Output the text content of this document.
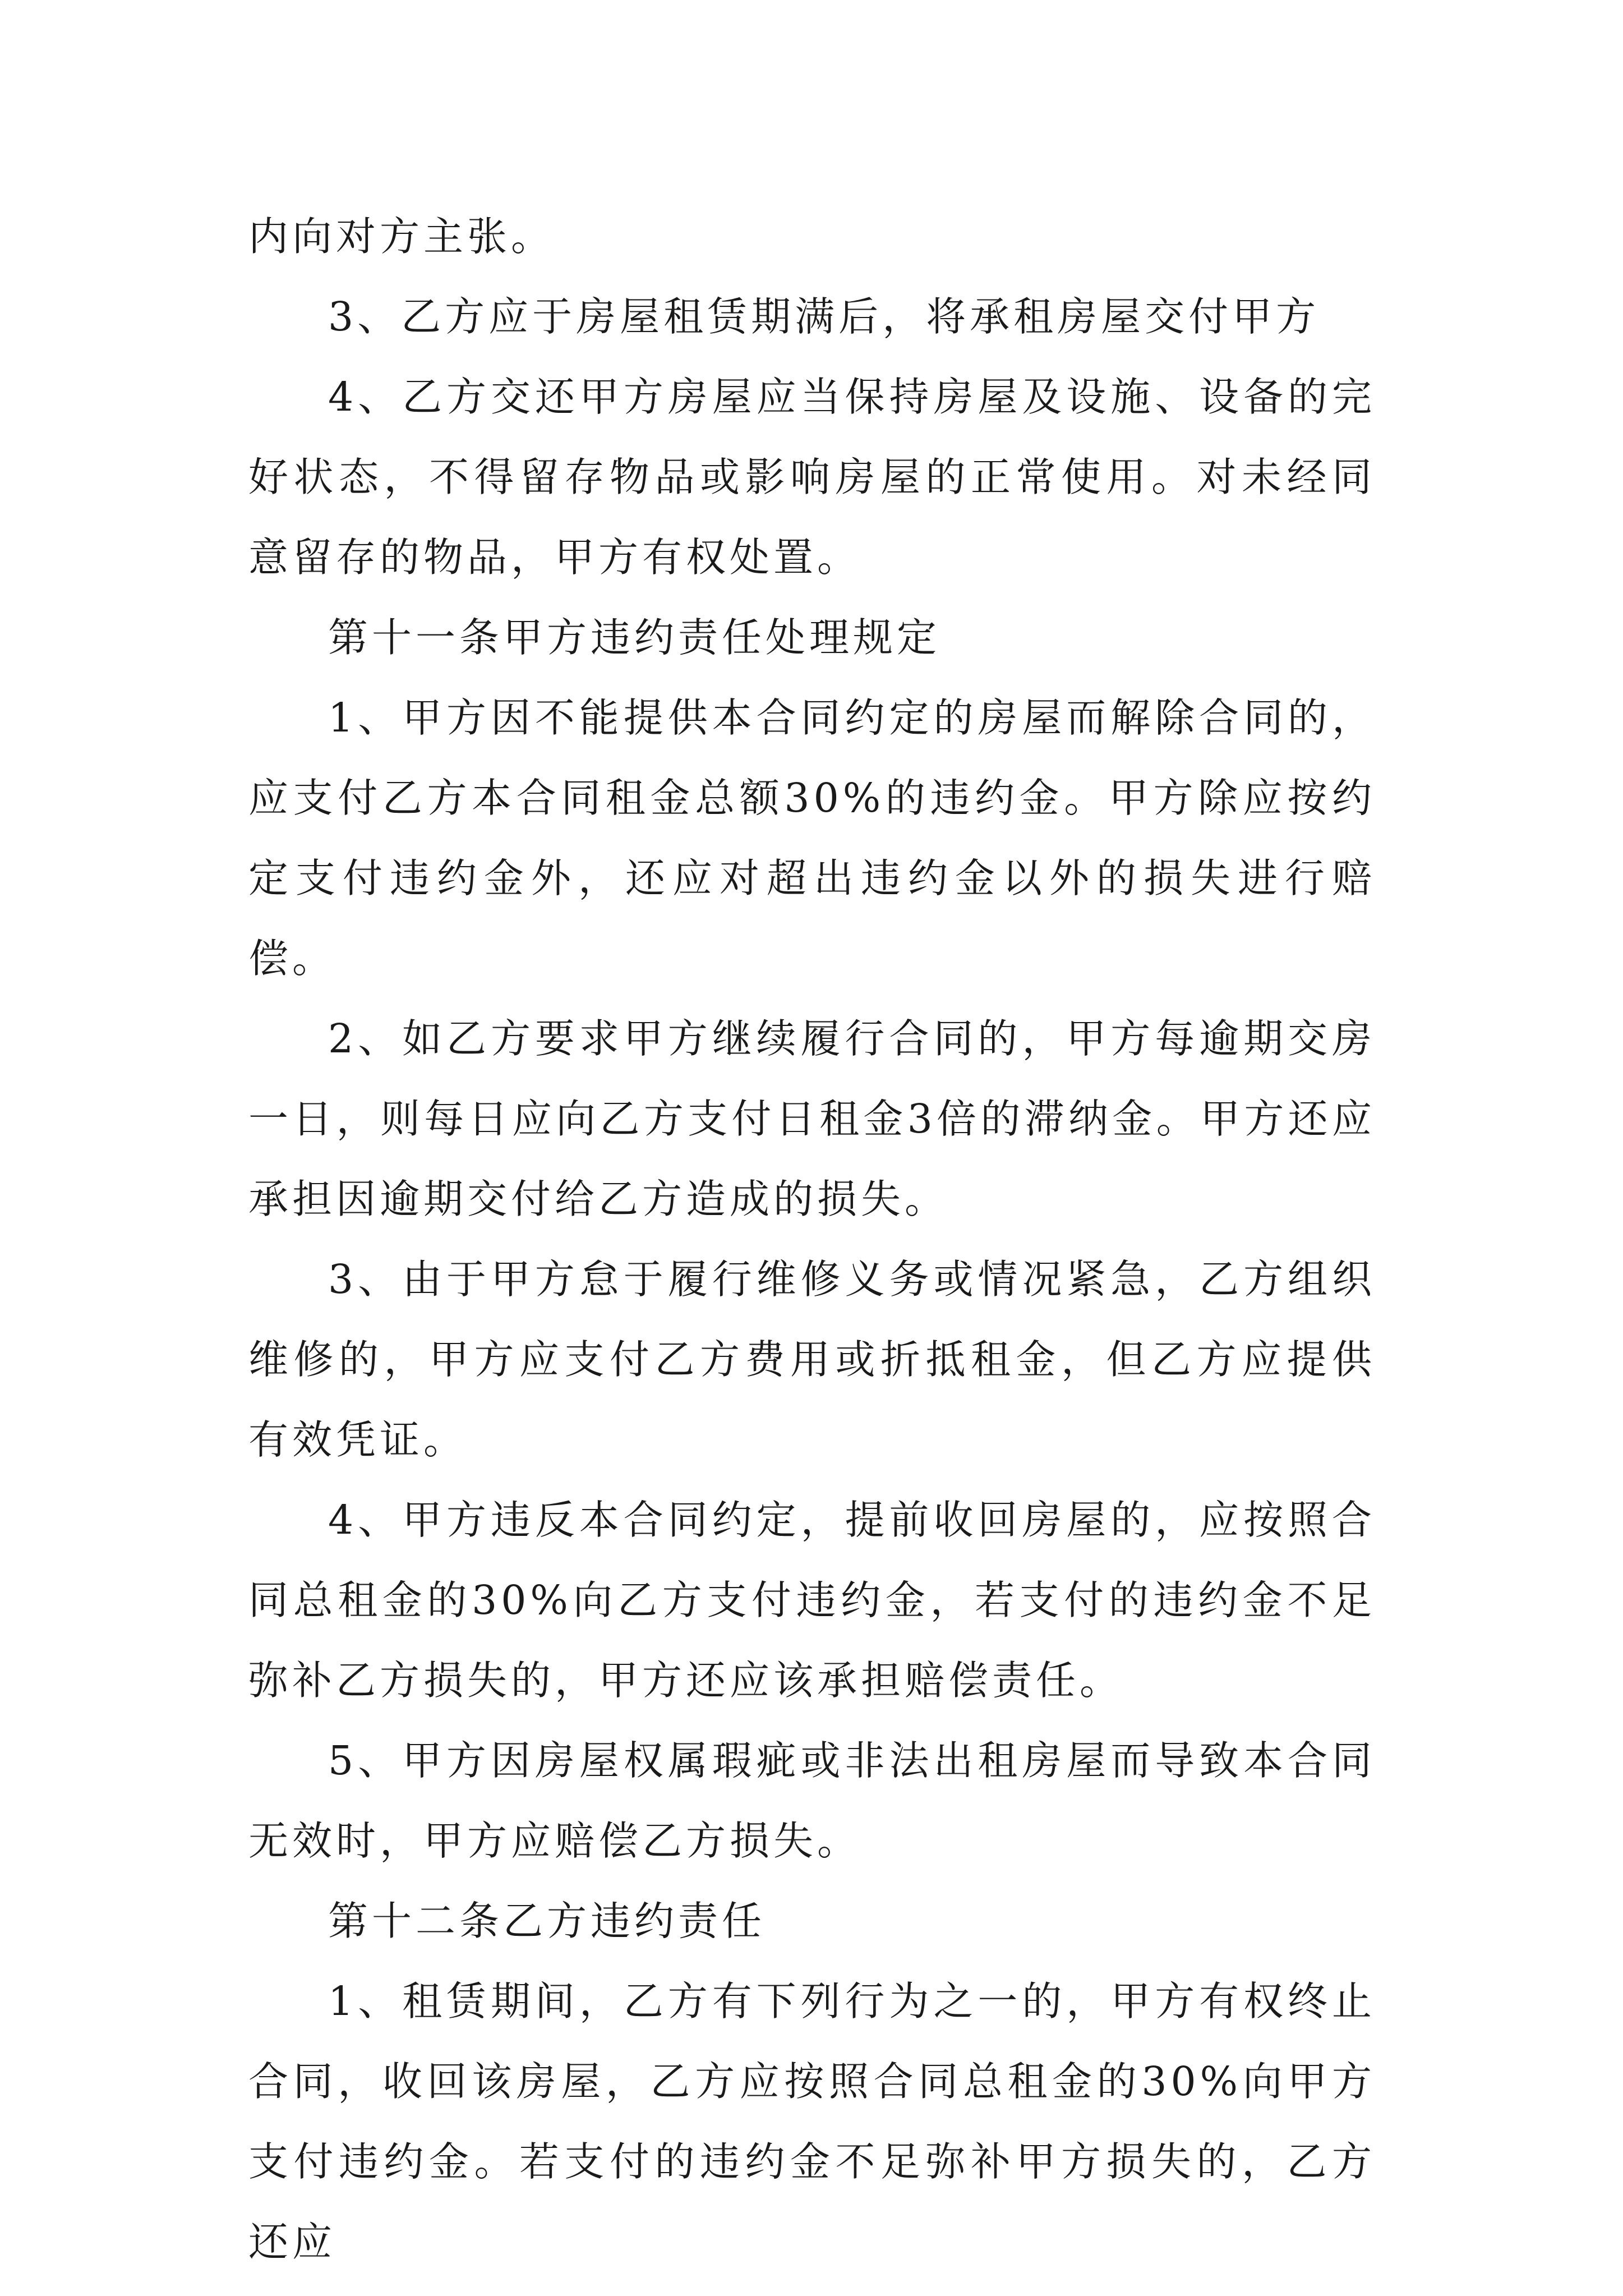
内向对方主张。

3、乙方应于房屋租赁期满后，将承租房屋交付甲方

4、乙方交还甲方房屋应当保持房屋及设施、设备的完好状态，不得留存物品或影响房屋的正常使用。对未经同意留存的物品，甲方有权处置。

第十一条甲方违约责任处理规定

1、甲方因不能提供本合同约定的房屋而解除合同的，应支付乙方本合同租金总额30%的违约金。甲方除应按约定支付违约金外，还应对超出违约金以外的损失进行赔偿。

2、如乙方要求甲方继续履行合同的，甲方每逾期交房一日，则每日应向乙方支付日租金3倍的滞纳金。甲方还应承担因逾期交付给乙方造成的损失。

3、由于甲方怠于履行维修义务或情况紧急，乙方组织维修的，甲方应支付乙方费用或折抵租金，但乙方应提供有效凭证。

4、甲方违反本合同约定，提前收回房屋的，应按照合同总租金的30%向乙方支付违约金，若支付的违约金不足弥补乙方损失的，甲方还应该承担赔偿责任。

5、甲方因房屋权属瑕疵或非法出租房屋而导致本合同无效时，甲方应赔偿乙方损失。

第十二条乙方违约责任

1、租赁期间，乙方有下列行为之一的，甲方有权终止合同，收回该房屋，乙方应按照合同总租金的30%向甲方支付违约金。若支付的违约金不足弥补甲方损失的，乙方还应
